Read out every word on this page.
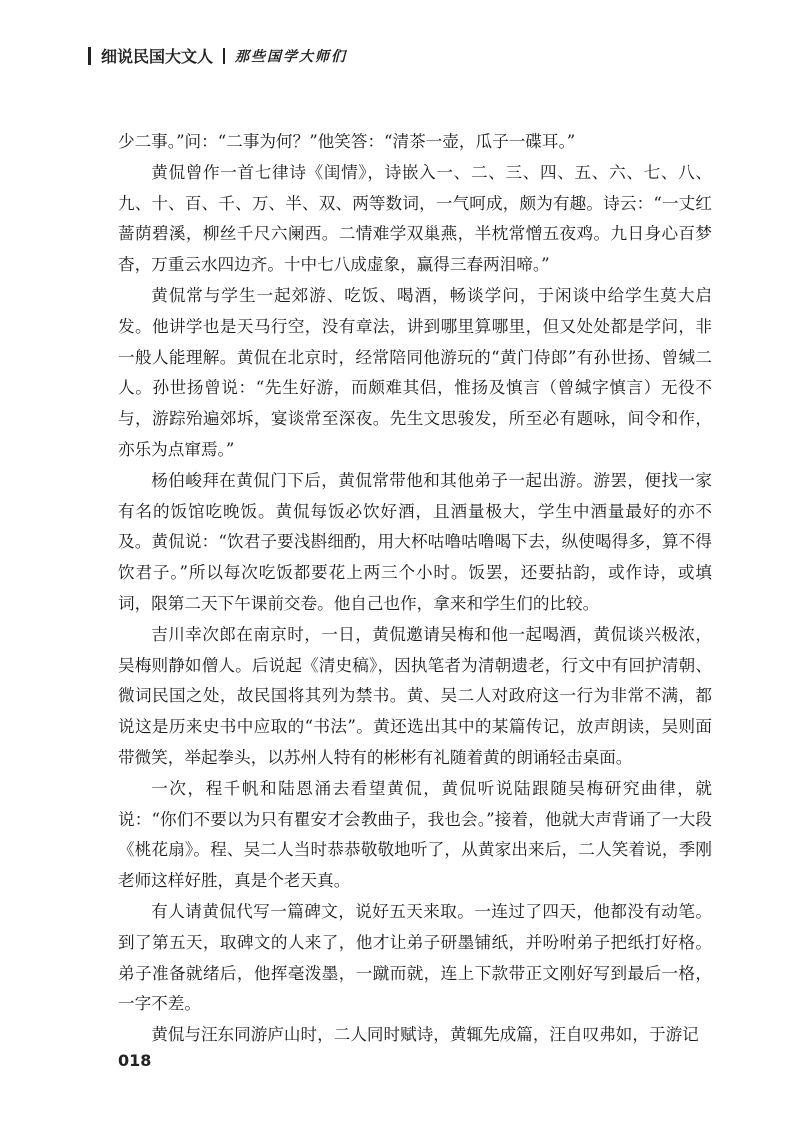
细说民国大文人 那些国学大师们

少二事。”问：“二事为何？”他笑答：“清茶一壶，瓜子一碟耳。”

黄侃曾作一首七律诗《闺情》，诗嵌入一、二、三、四、五、六、七、八、九、十、百、千、万、半、双、两等数词，一气呵成，颇为有趣。诗云：“一丈红蔷荫碧溪，柳丝千尺六阑西。二情难学双巢燕，半枕常憎五夜鸡。九日身心百梦杳，万重云水四边齐。十中七八成虚象，赢得三春两泪啼。”

黄侃常与学生一起郊游、吃饭、喝酒，畅谈学问，于闲谈中给学生莫大启发。他讲学也是天马行空，没有章法，讲到哪里算哪里，但又处处都是学问，非一般人能理解。黄侃在北京时，经常陪同他游玩的“黄门侍郎”有孙世扬、曾缄二人。孙世扬曾说：“先生好游，而颇难其侣，惟扬及慎言（曾缄字慎言）无役不与，游踪殆遍郊坼，宴谈常至深夜。先生文思骏发，所至必有题咏，间令和作，亦乐为点窜焉。”

杨伯峻拜在黄侃门下后，黄侃常带他和其他弟子一起出游。游罢，便找一家有名的饭馆吃晚饭。黄侃每饭必饮好酒，且酒量极大，学生中酒量最好的亦不及。黄侃说：“饮君子要浅斟细酌，用大杯咕噜咕噜喝下去，纵使喝得多，算不得饮君子。”所以每次吃饭都要花上两三个小时。饭罢，还要拈韵，或作诗，或填词，限第二天下午课前交卷。他自己也作，拿来和学生们的比较。

吉川幸次郎在南京时，一日，黄侃邀请吴梅和他一起喝酒，黄侃谈兴极浓，吴梅则静如僧人。后说起《清史稿》，因执笔者为清朝遗老，行文中有回护清朝、微词民国之处，故民国将其列为禁书。黄、吴二人对政府这一行为非常不满，都说这是历来史书中应取的“书法”。黄还选出其中的某篇传记，放声朗读，吴则面带微笑，举起拳头，以苏州人特有的彬彬有礼随着黄的朗诵轻击桌面。

一次，程千帆和陆恩涌去看望黄侃，黄侃听说陆跟随吴梅研究曲律，就说：“你们不要以为只有瞿安才会教曲子，我也会。”接着，他就大声背诵了一大段《桃花扇》。程、吴二人当时恭恭敬敬地听了，从黄家出来后，二人笑着说，季刚老师这样好胜，真是个老天真。

有人请黄侃代写一篇碑文，说好五天来取。一连过了四天，他都没有动笔。到了第五天，取碑文的人来了，他才让弟子研墨铺纸，并吩咐弟子把纸打好格。弟子准备就绪后，他挥毫泼墨，一蹴而就，连上下款带正文刚好写到最后一格，一字不差。

黄侃与汪东同游庐山时，二人同时赋诗，黄辄先成篇，汪自叹弗如，于游记

018
